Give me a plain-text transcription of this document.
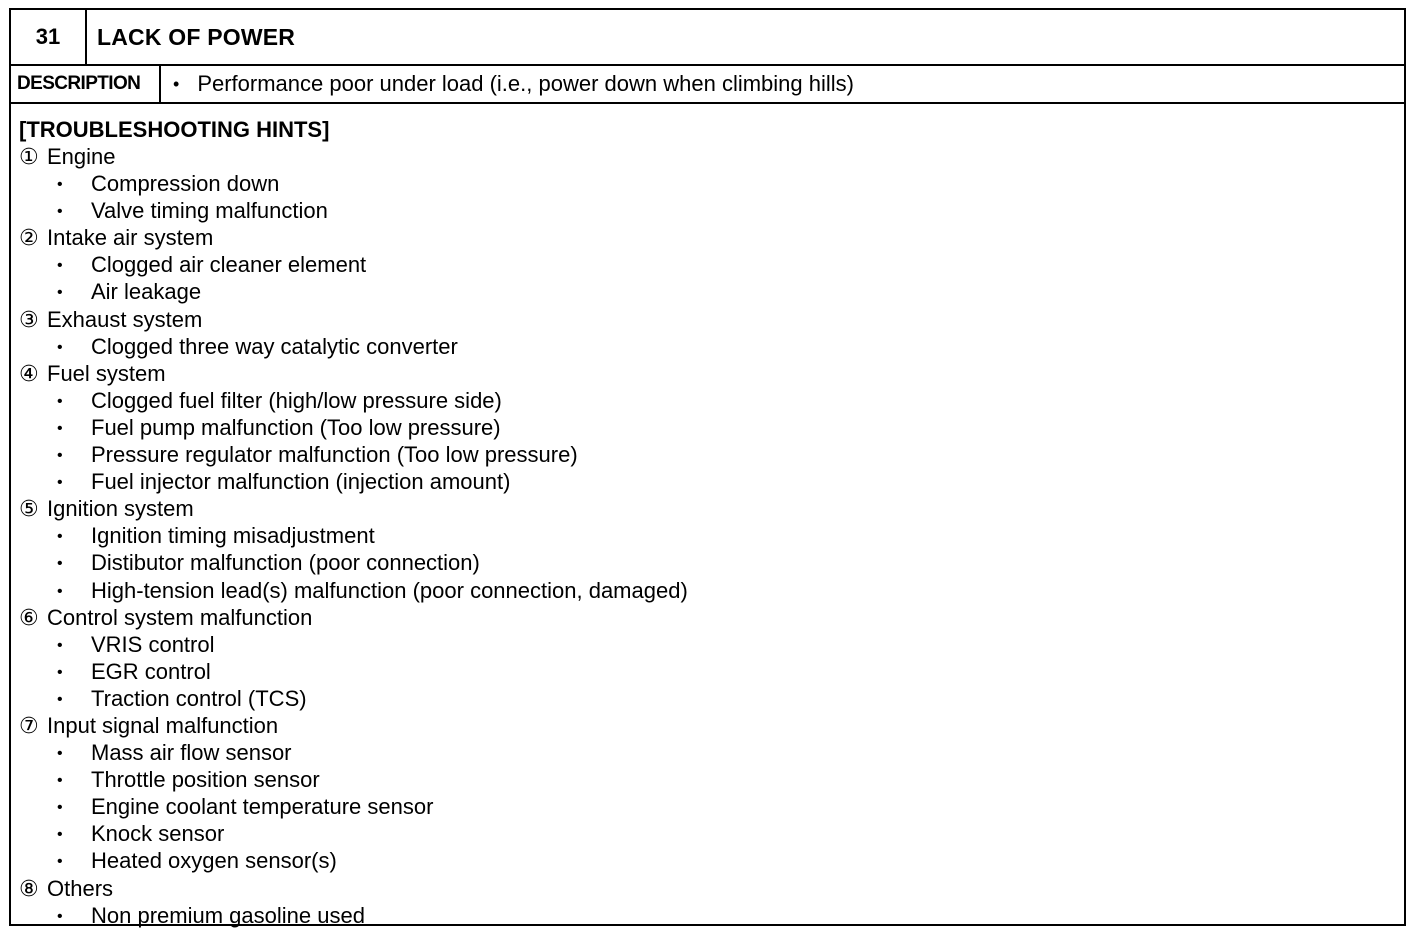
31	LACK OF POWER
DESCRIPTION	• Performance poor under load (i.e., power down when climbing hills)
[TROUBLESHOOTING HINTS]
① Engine
• Compression down
• Valve timing malfunction
② Intake air system
• Clogged air cleaner element
• Air leakage
③ Exhaust system
• Clogged three way catalytic converter
④ Fuel system
• Clogged fuel filter (high/low pressure side)
• Fuel pump malfunction (Too low pressure)
• Pressure regulator malfunction (Too low pressure)
• Fuel injector malfunction (injection amount)
⑤ Ignition system
• Ignition timing misadjustment
• Distibutor malfunction (poor connection)
• High-tension lead(s) malfunction (poor connection, damaged)
⑥ Control system malfunction
• VRIS control
• EGR control
• Traction control (TCS)
⑦ Input signal malfunction
• Mass air flow sensor
• Throttle position sensor
• Engine coolant temperature sensor
• Knock sensor
• Heated oxygen sensor(s)
⑧ Others
• Non premium gasoline used
